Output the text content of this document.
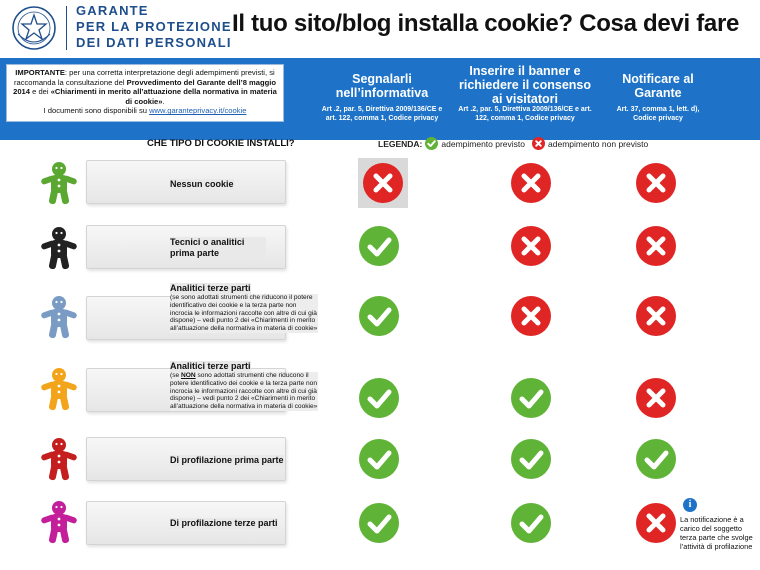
GARANTE
PER LA PROTEZIONE
DEI DATI PERSONALI
Il tuo sito/blog installa cookie? Cosa devi fare
IMPORTANTE: per una corretta interpretazione degli adempimenti previsti, si raccomanda la consultazione del Provvedimento del Garante dell’8 maggio 2014 e dei «Chiarimenti in merito all’attuazione della normativa in materia di cookie».
I documenti sono disponibili su www.garanteprivacy.it/cookie
Segnalarli nell’informativa
Art .2, par. 5, Direttiva 2009/136/CE e art. 122, comma 1, Codice privacy
Inserire il banner e richiedere il consenso ai visitatori
Art .2, par. 5, Direttiva 2009/136/CE e art. 122, comma 1, Codice privacy
Notificare al Garante
Art. 37, comma 1, lett. d), Codice privacy
CHE TIPO DI COOKIE INSTALLI?	LEGENDA: adempimento previsto	adempimento non previsto
Nessun cookie
Tecnici o analitici prima parte
Analitici terze parti
(se sono adottati strumenti che riducono il potere identificativo dei cookie e la terza parte non incrocia le informazioni raccolte con altre di cui già dispone) – vedi punto 2 dei «Chiarimenti in merito all’attuazione della normativa in materia di cookie»
Analitici terze parti
(se NON sono adottati strumenti che riducono il potere identificativo dei cookie e la terza parte non incrocia le informazioni raccolte con altre di cui già dispone) – vedi punto 2 dei «Chiarimenti in merito all’attuazione della normativa in materia di cookie»
Di profilazione prima parte
Di profilazione terze parti
i
La notificazione è a carico del soggetto terza parte che svolge l’attività di profilazione
